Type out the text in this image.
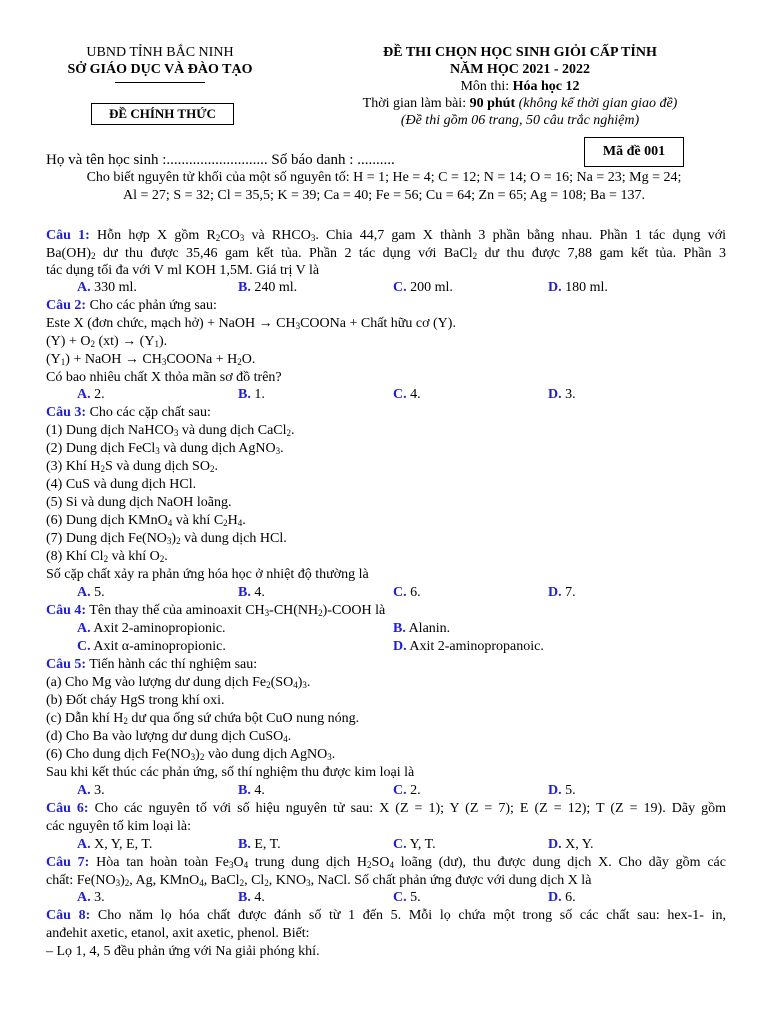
UBND TỈNH BẮC NINH
SỞ GIÁO DỤC VÀ ĐÀO TẠO
ĐỀ CHÍNH THỨC
ĐỀ THI CHỌN HỌC SINH GIỎI CẤP TỈNH
NĂM HỌC 2021 - 2022
Môn thi: Hóa học 12
Thời gian làm bài: 90 phút (không kể thời gian giao đề)
(Đề thi gồm 06 trang, 50 câu trắc nghiệm)
Mã đề 001
Họ và tên học sinh :........................... Số báo danh : ..........
Cho biết nguyên tử khối của một số nguyên tố: H = 1; He = 4; C = 12; N = 14; O = 16; Na = 23; Mg = 24;
Al = 27; S = 32; Cl = 35,5; K = 39; Ca = 40; Fe = 56; Cu = 64; Zn = 65; Ag = 108; Ba = 137.
Câu 1: Hỗn hợp X gồm $R_2CO_3$ và $RHCO_3$. Chia 44,7 gam X thành 3 phần bằng nhau. Phần 1 tác dụng với
$Ba(OH)_2$ dư thu được 35,46 gam kết tủa. Phần 2 tác dụng với BaCl$_2$ dư thu được 7,88 gam kết tủa. Phần 3
tác dụng tối đa với V ml KOH 1,5M. Giá trị V là
A. 330 ml.	B. 240 ml.	C. 200 ml.	D. 180 ml.
Câu 2: Cho các phản ứng sau:
Este X (đơn chức, mạch hở) + NaOH → $CH_3COONa$ + Chất hữu cơ (Y).
$(Y) + O_2$ $(xt) \to (Y_1)$.
$(Y_1)$ + NaOH → $CH_3COONa + H_2O$.
Có bao nhiêu chất X thỏa mãn sơ đồ trên?
A. 2.	B. 1.	C. 4.	D. 3.
Câu 3: Cho các cặp chất sau:
(1) Dung dịch NaHCO$_3$ và dung dịch CaCl$_2$.
(2) Dung dịch FeCl$_3$ và dung dịch AgNO$_3$.
(3) Khí $H_2S$ và dung dịch $SO_2$.
(4) CuS và dung dịch HCl.
(5) Si và dung dịch NaOH loãng.
(6) Dung dịch KMnO$_4$ và khí $C_2H_4$.
(7) Dung dịch $Fe(NO_3)_2$ và dung dịch HCl.
(8) Khí $Cl_2$ và khí $O_2$.
Số cặp chất xảy ra phản ứng hóa học ở nhiệt độ thường là
A. 5.	B. 4.	C. 6.	D. 7.
Câu 4: Tên thay thế của aminoaxit $CH_3-CH(NH_2)$-COOH là
A. Axit 2-aminopropionic.	B. Alanin.
C. Axit α-aminopropionic.	D. Axit 2-aminopropanoic.
Câu 5: Tiến hành các thí nghiệm sau:
(a) Cho Mg vào lượng dư dung dịch $Fe_2(SO_4)_3$.
(b) Đốt cháy HgS trong khí oxi.
(c) Dẫn khí $H_2$ dư qua ống sứ chứa bột CuO nung nóng.
(d) Cho Ba vào lượng dư dung dịch CuSO$_4$.
(6) Cho dung dịch $Fe(NO_3)_2$ vào dung dịch AgNO$_3$.
Sau khi kết thúc các phản ứng, số thí nghiệm thu được kim loại là
A. 3.	B. 4.	C. 2.	D. 5.
Câu 6: Cho các nguyên tố với số hiệu nguyên tử sau: X (Z = 1); Y (Z = 7); E (Z = 12); T (Z = 19). Dãy gồm
các nguyên tố kim loại là:
A. X, Y, E, T.	B. E, T.	C. Y, T.	D. X, Y.
Câu 7: Hòa tan hoàn toàn $Fe_3O_4$ trung dung dịch $H_2SO_4$ loãng (dư), thu được dung dịch X. Cho dãy gồm các
chất: $Fe(NO_3)_2$, Ag, KMnO$_4$, BaCl$_2$, $Cl_2$, $KNO_3$, NaCl. Số chất phản ứng được với dung dịch X là
A. 3.	B. 4.	C. 5.	D. 6.
Câu 8: Cho năm lọ hóa chất được đánh số từ 1 đến 5. Mỗi lọ chứa một trong số các chất sau: hex-1- in,
anđehit axetic, etanol, axit axetic, phenol. Biết:
– Lọ 1, 4, 5 đều phản ứng với Na giải phóng khí.
